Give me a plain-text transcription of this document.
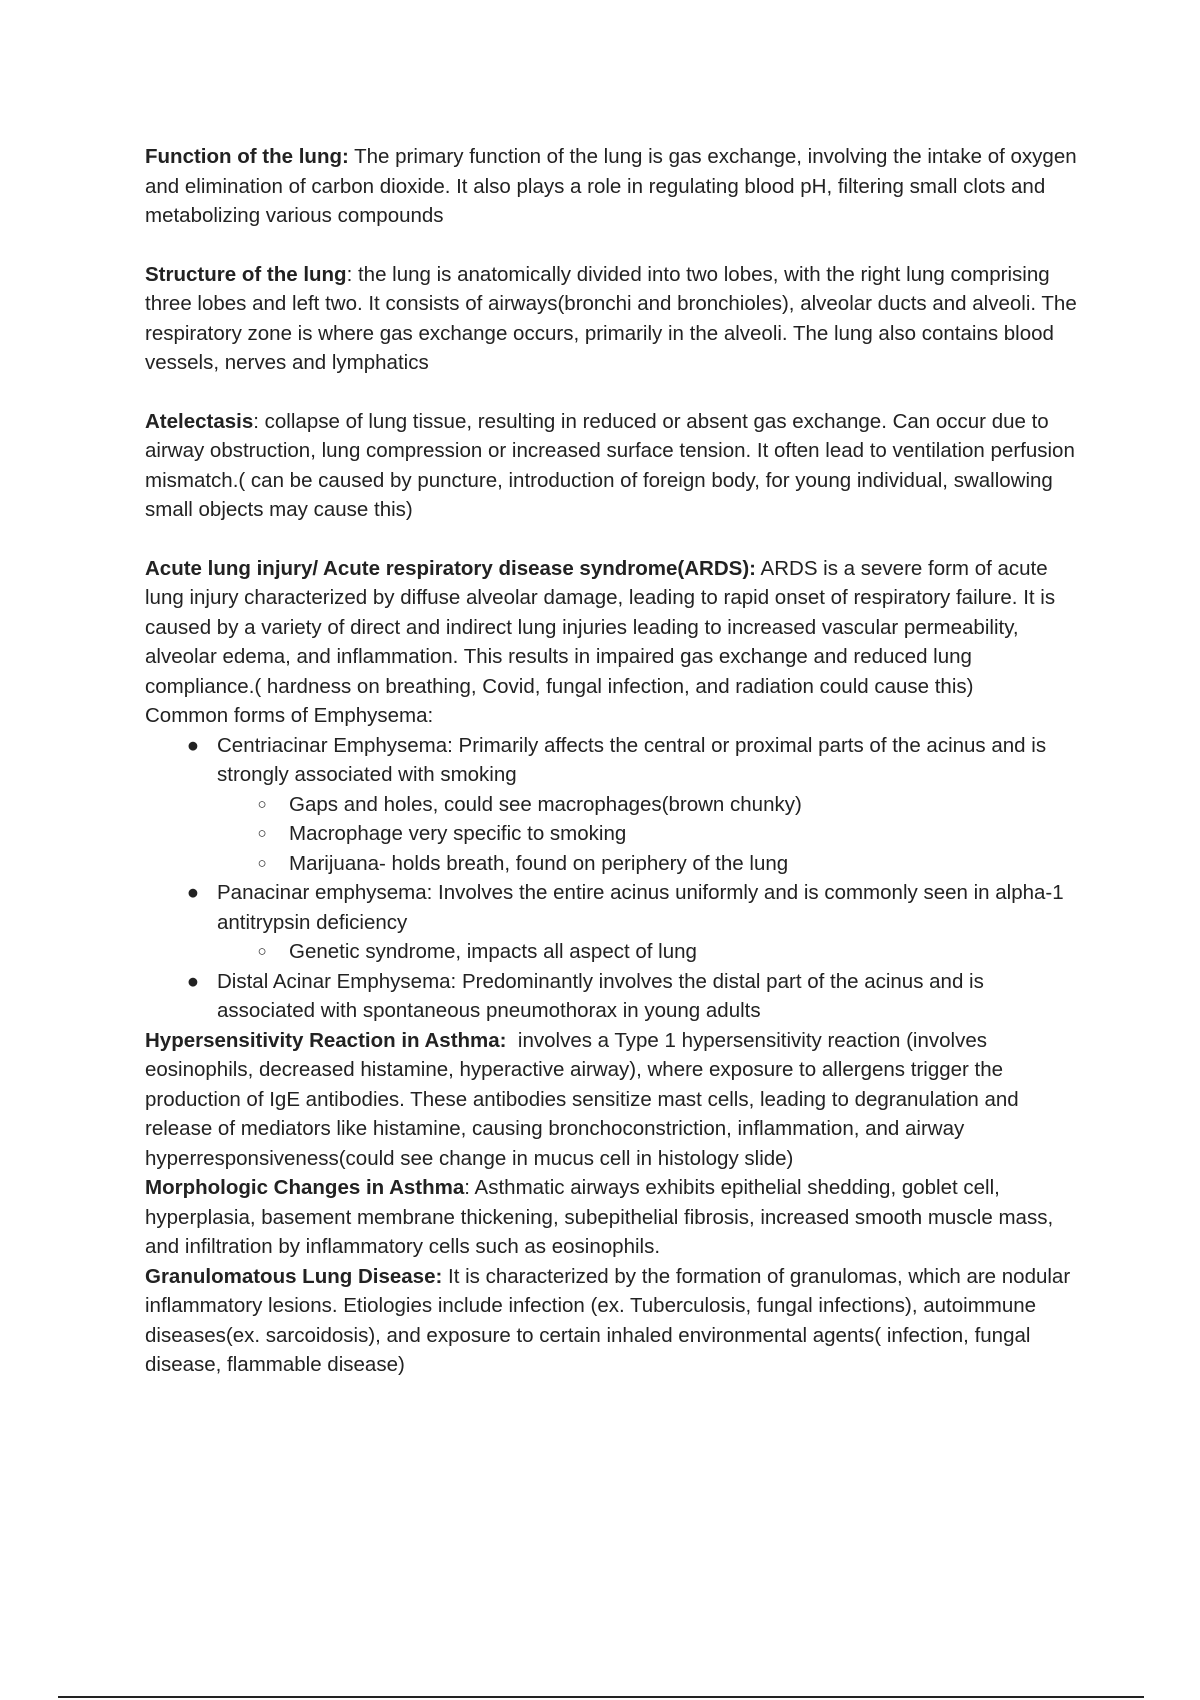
Function of the lung: The primary function of the lung is gas exchange, involving the intake of oxygen and elimination of carbon dioxide. It also plays a role in regulating blood pH, filtering small clots and metabolizing various compounds

Structure of the lung: the lung is anatomically divided into two lobes, with the right lung comprising three lobes and left two. It consists of airways(bronchi and bronchioles), alveolar ducts and alveoli. The respiratory zone is where gas exchange occurs, primarily in the alveoli. The lung also contains blood vessels, nerves and lymphatics

Atelectasis: collapse of lung tissue, resulting in reduced or absent gas exchange. Can occur due to airway obstruction, lung compression or increased surface tension. It often lead to ventilation perfusion mismatch.( can be caused by puncture, introduction of foreign body, for young individual, swallowing small objects may cause this)

Acute lung injury/ Acute respiratory disease syndrome(ARDS): ARDS is a severe form of acute lung injury characterized by diffuse alveolar damage, leading to rapid onset of respiratory failure. It is caused by a variety of direct and indirect lung injuries leading to increased vascular permeability, alveolar edema, and inflammation. This results in impaired gas exchange and reduced lung compliance.( hardness on breathing, Covid, fungal infection, and radiation could cause this)

Common forms of Emphysema:

● Centriacinar Emphysema: Primarily affects the central or proximal parts of the acinus and is strongly associated with smoking
○ Gaps and holes, could see macrophages(brown chunky)
○ Macrophage very specific to smoking
○ Marijuana- holds breath, found on periphery of the lung
● Panacinar emphysema: Involves the entire acinus uniformly and is commonly seen in alpha-1 antitrypsin deficiency
○ Genetic syndrome, impacts all aspect of lung
● Distal Acinar Emphysema: Predominantly involves the distal part of the acinus and is associated with spontaneous pneumothorax in young adults

Hypersensitivity Reaction in Asthma:  involves a Type 1 hypersensitivity reaction (involves eosinophils, decreased histamine, hyperactive airway), where exposure to allergens trigger the production of IgE antibodies. These antibodies sensitize mast cells, leading to degranulation and release of mediators like histamine, causing bronchoconstriction, inflammation, and airway hyperresponsiveness(could see change in mucus cell in histology slide)

Morphologic Changes in Asthma: Asthmatic airways exhibits epithelial shedding, goblet cell, hyperplasia, basement membrane thickening, subepithelial fibrosis, increased smooth muscle mass, and infiltration by inflammatory cells such as eosinophils.

Granulomatous Lung Disease: It is characterized by the formation of granulomas, which are nodular inflammatory lesions. Etiologies include infection (ex. Tuberculosis, fungal infections), autoimmune diseases(ex. sarcoidosis), and exposure to certain inhaled environmental agents( infection, fungal disease, flammable disease)
